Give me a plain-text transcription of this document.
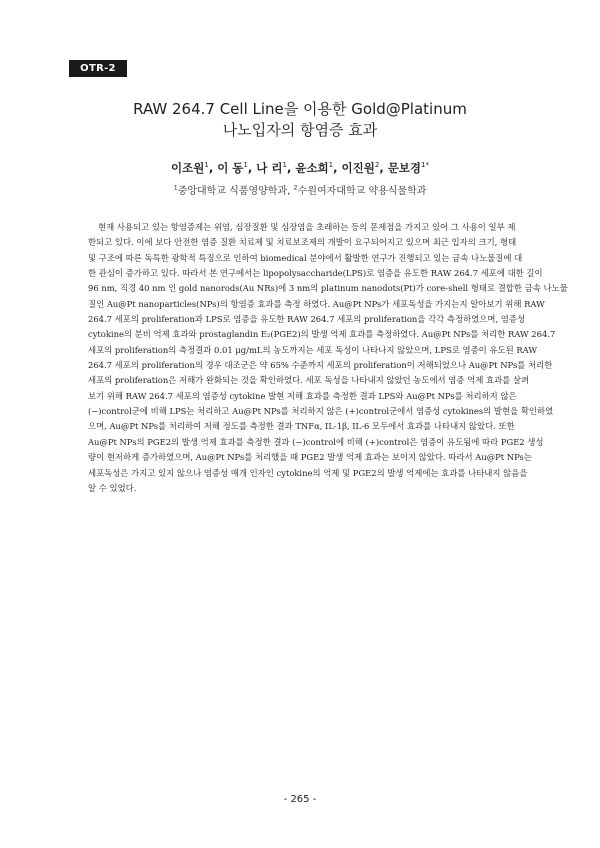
OTR-2
RAW 264.7 Cell Line을 이용한 Gold@Platinum
나노입자의 항염증 효과
이조원$^1$, 이 동$^1$, 나 리$^1$, 윤소희$^1$, 이진원$^2$, 문보경$^{1*}$
$^1$중앙대학교 식품영양학과, $^2$수원여자대학교 약용식물학과
현재 사용되고 있는 항염증제는 위염, 심장질환 및 심장염을 초래하는 등의 문제점을 가지고 있어 그 사용이 일부 제
한되고 있다. 이에 보다 안전한 염증 질환 치료제 및 치료보조제의 개발이 요구되어지고 있으며 최근 입자의 크기, 형태
및 구조에 따른 독특한 광학적 특징으로 인하여 biomedical 분야에서 활발한 연구가 진행되고 있는 금속 나노물질에 대
한 관심이 증가하고 있다. 따라서 본 연구에서는 lipopolysaccharide(LPS)로 염증을 유도한 RAW 264.7 세포에 대한 길이
96 nm, 직경 40 nm 인 gold nanorods(Au NRs)에 3 nm의 platinum nanodots(Pt)가 core-shell 형태로 결합한 금속 나노물
질인 Au@Pt nanoparticles(NPs)의 항염증 효과를 측정 하였다. Au@Pt NPs가 세포독성을 가지는지 알아보기 위해 RAW
264.7 세포의 proliferation과 LPS로 염증을 유도한 RAW 264.7 세포의 proliferation을 각각 측정하였으며, 염증성
cytokine의 분비 억제 효과와 prostaglandin E₂(PGE2)의 발생 억제 효과를 측정하였다. Au@Pt NPs를 처리한 RAW 264.7
세포의 proliferation의 측정결과 0.01 μg/mL의 농도까지는 세포 독성이 나타나지 않았으며, LPS로 염증이 유도된 RAW
264.7 세포의 proliferation의 경우 대조군은 약 65% 수준까지 세포의 proliferation이 저해되었으나 Au@Pt NPs를 처리한
세포의 proliferation은 저해가 완화되는 것을 확인하였다. 세포 독성을 나타내지 않았던 농도에서 염증 억제 효과를 살펴
보기 위해 RAW 264.7 세포의 염증성 cytokine 발현 저해 효과를 측정한 결과 LPS와 Au@Pt NPs를 처리하지 않은
(−)control군에 비해 LPS는 처리하고 Au@Pt NPs를 처리하지 않은 (+)control군에서 염증성 cytokines의 발현을 확인하였
으며, Au@Pt NPs를 처리하여 저해 정도를 측정한 결과 TNFα, IL-1β, IL-6 모두에서 효과를 나타내지 않았다. 또한
Au@Pt NPs의 PGE2의 발생 억제 효과를 측정한 결과 (−)control에 비해 (+)control은 염증이 유도됨에 따라 PGE2 생성
량이 현저하게 증가하였으며, Au@Pt NPs를 처리했을 때 PGE2 발생 억제 효과는 보이지 않았다. 따라서 Au@Pt NPs는
세포독성은 가지고 있지 않으나 염증성 매개 인자인 cytokine의 억제 및 PGE2의 발생 억제에는 효과를 나타내지 않음을
알 수 있었다.
- 265 -
